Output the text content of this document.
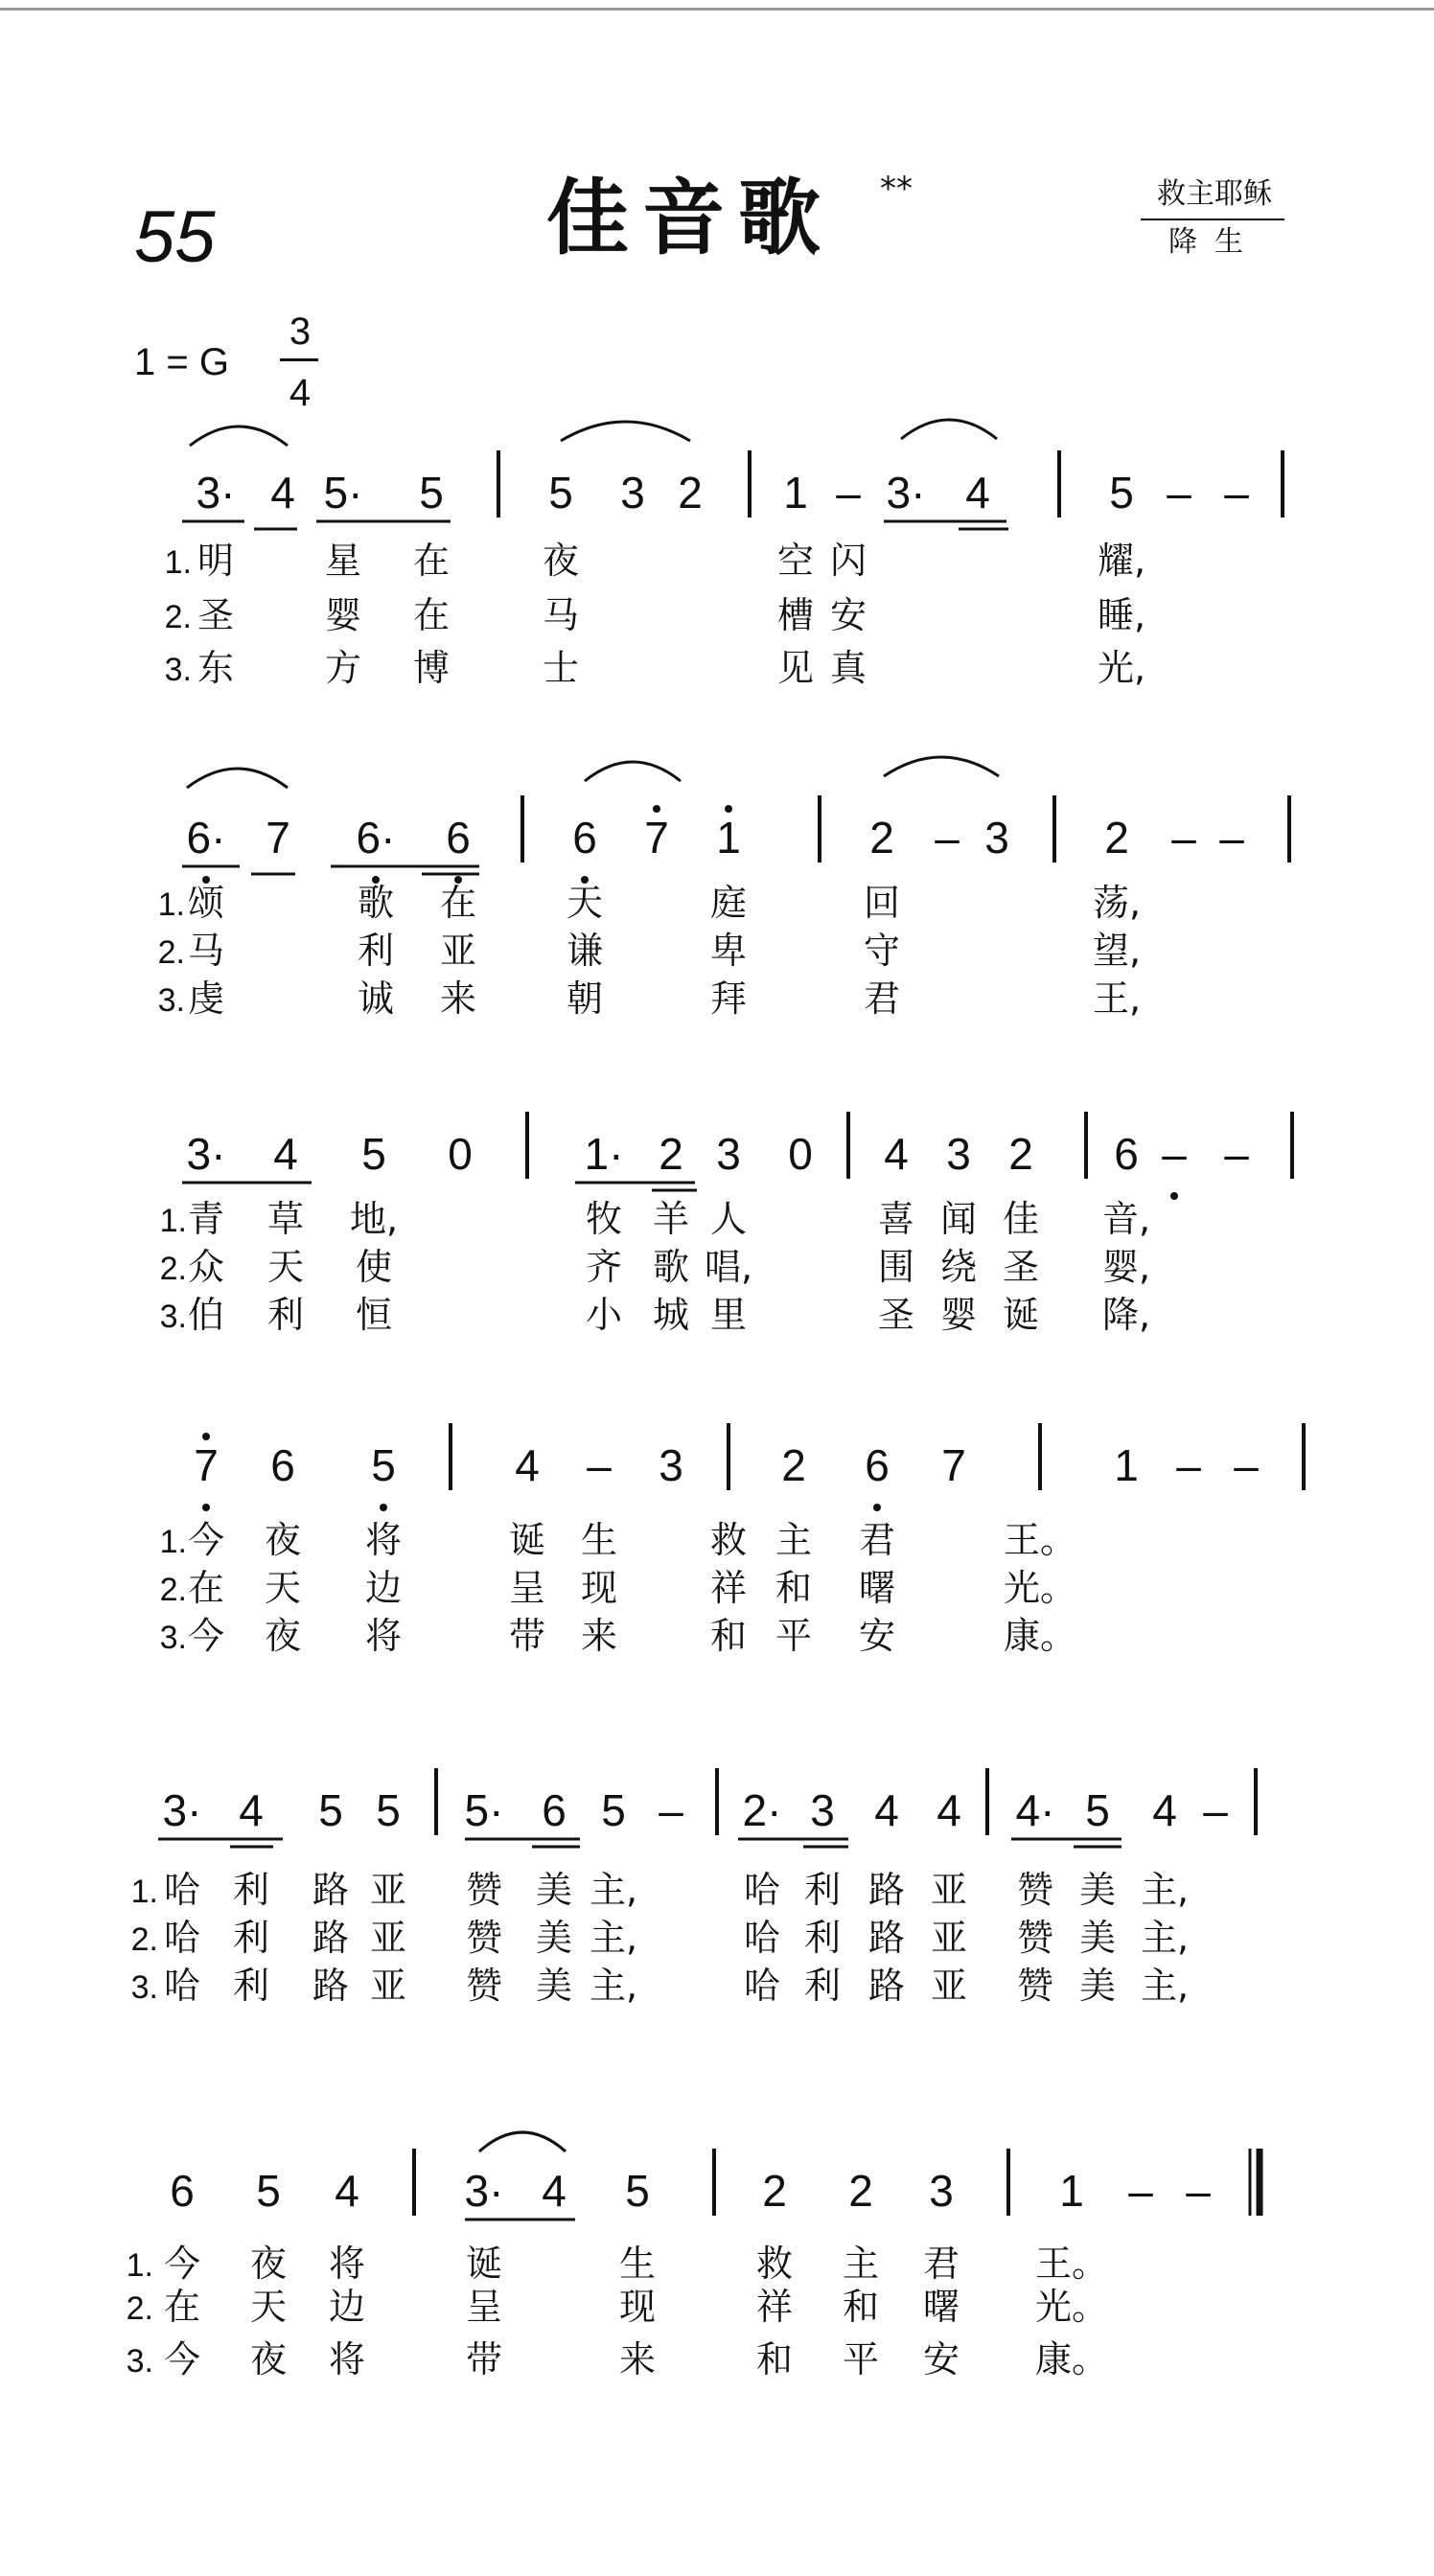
55	佳音歌 **	救主耶稣
降生
1 = G
3
4
3· 4 5· 5 5 3 2 1 – 3· 4	5 – –
1. 明 星 在	夜	空 闪	耀,
2. 圣 婴 在	马	槽 安	睡,
3. 东 方 博	士	见 真	光,
6· 7 6· 6 6 7 1	2 – 3 2 – –
1. 颂	歌 在 天	庭	回	荡,
2. 马	利 亚 谦	卑	守	望,
3. 虔	诚 来 朝	拜	君	王,
3· 4 5 0	1· 2 3 0 4 3 2 6 – –
1. 青 草 地,	牧 羊 人	喜 闻 佳 音,
2. 众 天 使	齐 歌 唱,	围 绕 圣 婴,
3. 伯 利 恒	小 城 里	圣 婴 诞 降,
7 6 5	4 – 3 2 6 7	1 – –
1. 今 夜 将	诞 生	救 主 君	王。
2. 在 天 边	呈 现	祥 和 曙	光。
3. 今 夜 将	带 来	和 平 安	康。
3· 4 5 5 5· 6 5 – 2· 3 4 4 4· 5 4 –
1. 哈 利 路 亚 赞 美 主,	哈 利 路 亚 赞 美 主,
2. 哈 利 路 亚 赞 美 主,	哈 利 路 亚 赞 美 主,
3. 哈 利 路 亚 赞 美 主,	哈 利 路 亚 赞 美 主,
6 5 4 3· 4 5	2 2 3 1 – –
1. 今 夜 将	诞	生	救 主 君 王。
2. 在 天 边	呈	现	祥 和 曙 光。
3. 今 夜 将	带	来	和 平 安 康。
